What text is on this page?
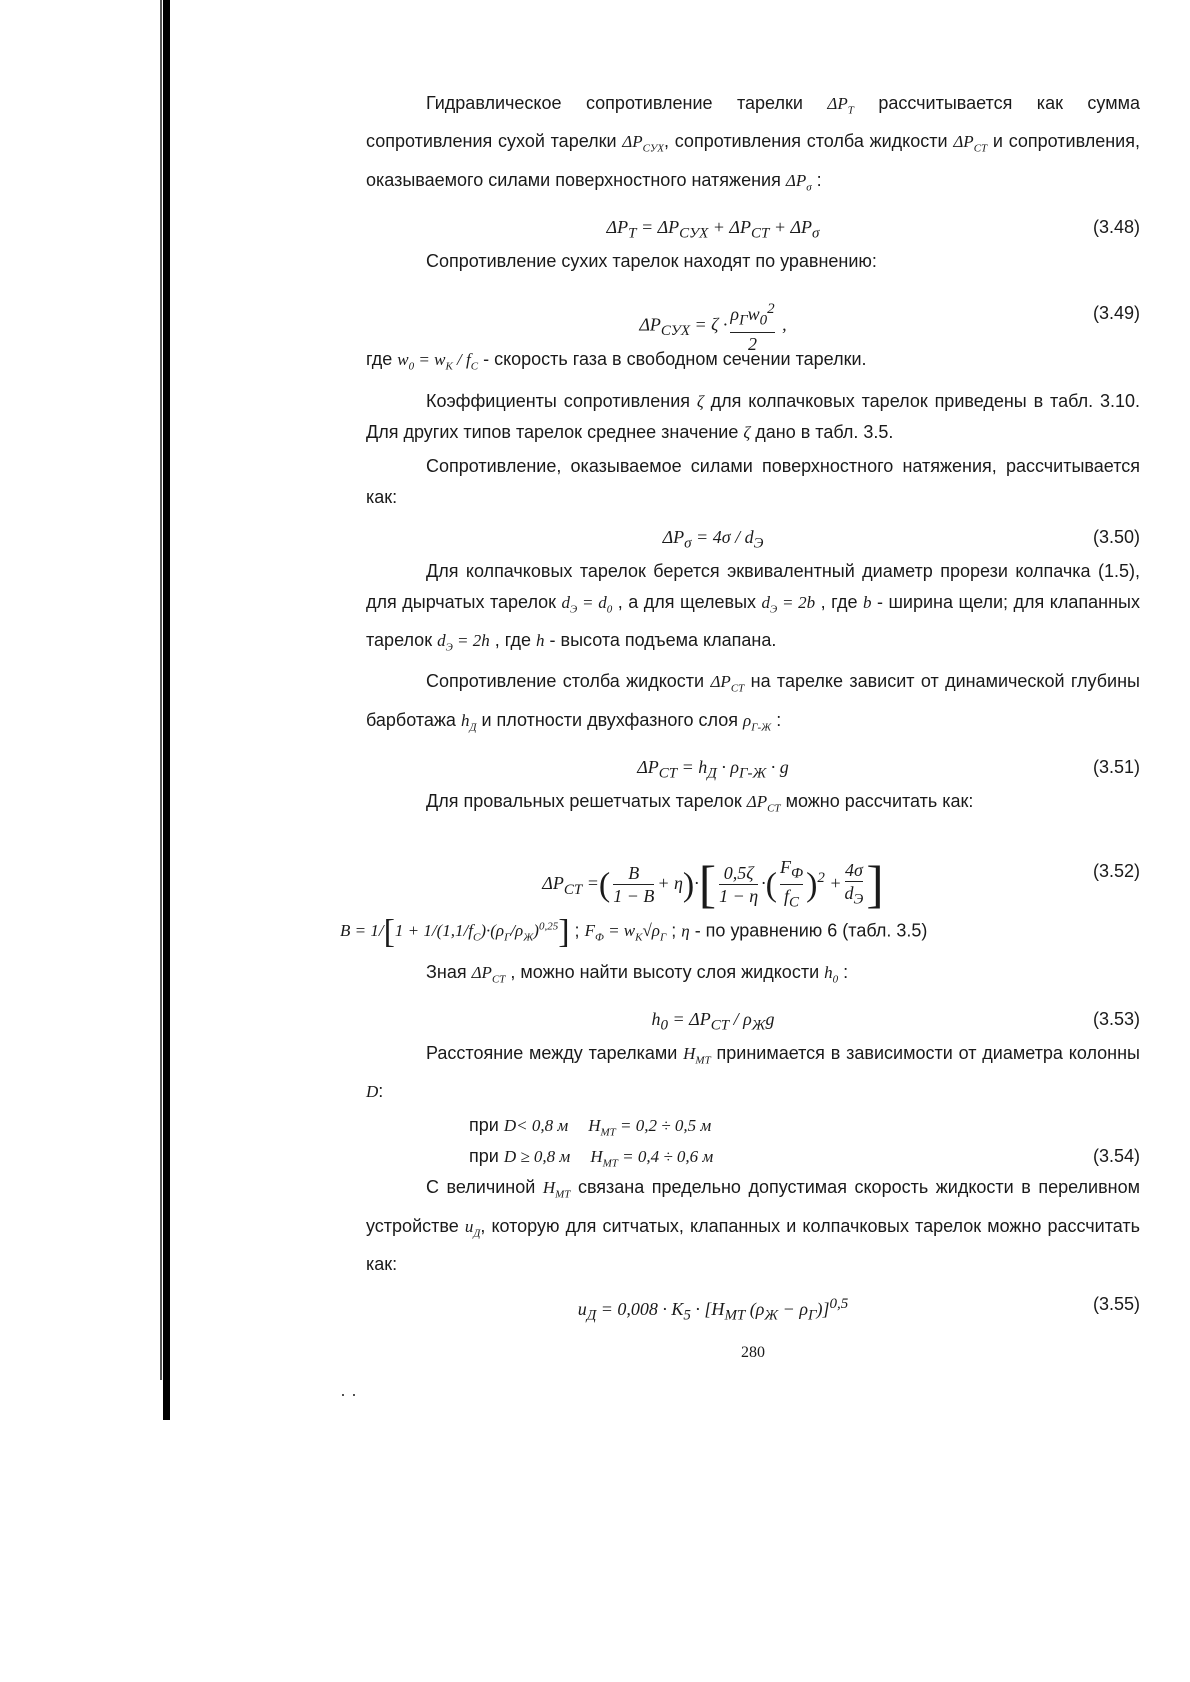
· ·

Гидравлическое сопротивление тарелки $\Delta P_Т$ рассчитывается как сумма сопротивления сухой тарелки $\Delta P_{СУХ}$, сопротивления столба жидкости $\Delta P_{СТ}$ и сопротивления, оказываемого силами поверхностного натяжения $\Delta P_\sigma$ :

$\Delta P_Т = \Delta P_{СУХ} + \Delta P_{СТ} + \Delta P_\sigma$	(3.48)

Сопротивление сухих тарелок находят по уравнению:

$\Delta P_{СУХ} = \zeta \cdot \frac{\rho_Гw_0^2}{2}$ ,
(3.49)

где $w_0 = w_K / f_C$ - скорость газа в свободном сечении тарелки.

Коэффициенты сопротивления ζ для колпачковых тарелок приведены в табл. 3.10. Для других типов тарелок среднее значение ζ дано в табл. 3.5.

Сопротивление, оказываемое силами поверхностного натяжения, рассчитывается как:

$\Delta P_\sigma = 4\sigma / d_Э$	(3.50)

Для колпачковых тарелок берется эквивалентный диаметр прорези колпачка (1.5), для дырчатых тарелок $d_Э = d_0$ , а для щелевых $d_Э = 2b$ , где b - ширина щели; для клапанных тарелок $d_Э = 2h$ , где h - высота подъема клапана.

Сопротивление столба жидкости $\Delta P_{СТ}$ на тарелке зависит от динамической глубины барботажа $h_Д$ и плотности двухфазного слоя $\rho_{Г-Ж}$ :

$\Delta P_{СТ} = h_Д \cdot \rho_{Г-Ж} \cdot g$	(3.51)

Для провальных решетчатых тарелок $\Delta P_{СТ}$ можно рассчитать как:

$\Delta P_{СТ}$ =( $\frac{B}{1 - B} + \eta)\cdot[ \frac{0,5\zeta}{1 - \eta}$ ·( $\frac{F_Ф}{f_C} )^2 + \frac{4\sigma}{d_Э}$ ]	(3.52)

$B = 1/[1 + 1/(1,1/f_C)\cdot(\rho_Г/\rho_Ж)^{0,25}]$ ; $F_Ф = w_K√\rho_Г$ ; η - по уравнению 6 (табл. 3.5)

Зная $\Delta P_{СТ}$ , можно найти высоту слоя жидкости $h_0$ :

$h_0 = \Delta P_{СТ} / \rho_Жg$	(3.53)

Расстояние между тарелками $H_{МТ}$ принимается в зависимости от диаметра колонны D:

при D< 0,8 м $H_{МТ} = 0,2 \div 0,5$ м
при D ≥ 0,8 м $H_{МТ} = 0,4 \div 0,6$ м	(3.54)

С величиной $H_{МТ}$ связана предельно допустимая скорость жидкости в переливном устройстве $u_Д$, которую для ситчатых, клапанных и колпачковых тарелок можно рассчитать как:

$u_Д = 0,008 \cdot K_5 \cdot [H_{МТ}$ $(\rho_Ж - \rho_Г)]^{0,5}$	(3.55)
280
